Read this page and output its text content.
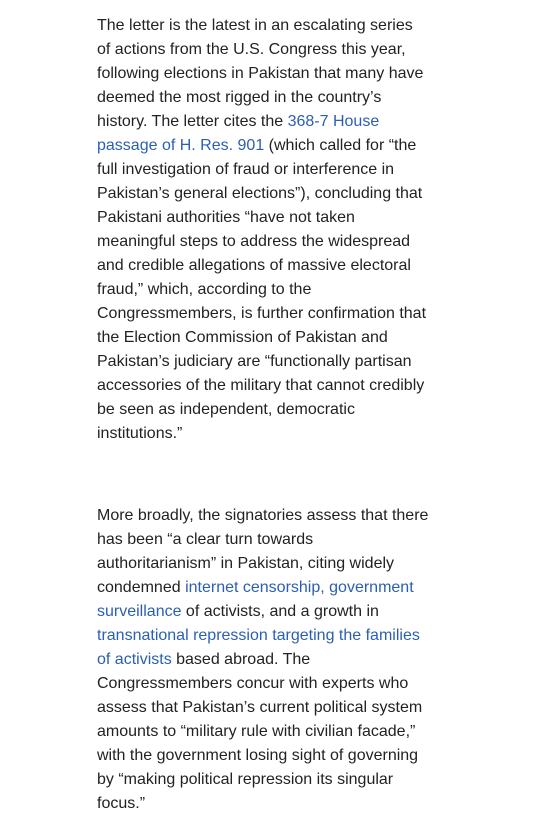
The letter is the latest in an escalating series of actions from the U.S. Congress this year, following elections in Pakistan that many have deemed the most rigged in the country’s history. The letter cites the 368-7 House passage of H. Res. 901 (which called for “the full investigation of fraud or interference in Pakistan’s general elections”), concluding that Pakistani authorities “have not taken meaningful steps to address the widespread and credible allegations of massive electoral fraud,” which, according to the Congressmembers, is further confirmation that the Election Commission of Pakistan and Pakistan’s judiciary are “functionally partisan accessories of the military that cannot credibly be seen as independent, democratic institutions.”

More broadly, the signatories assess that there has been “a clear turn towards authoritarianism” in Pakistan, citing widely condemned internet censorship, government surveillance of activists, and a growth in transnational repression targeting the families of activists based abroad. The Congressmembers concur with experts who assess that Pakistan’s current political system amounts to “military rule with civilian facade,” with the government losing sight of governing by “making political repression its singular focus.”
